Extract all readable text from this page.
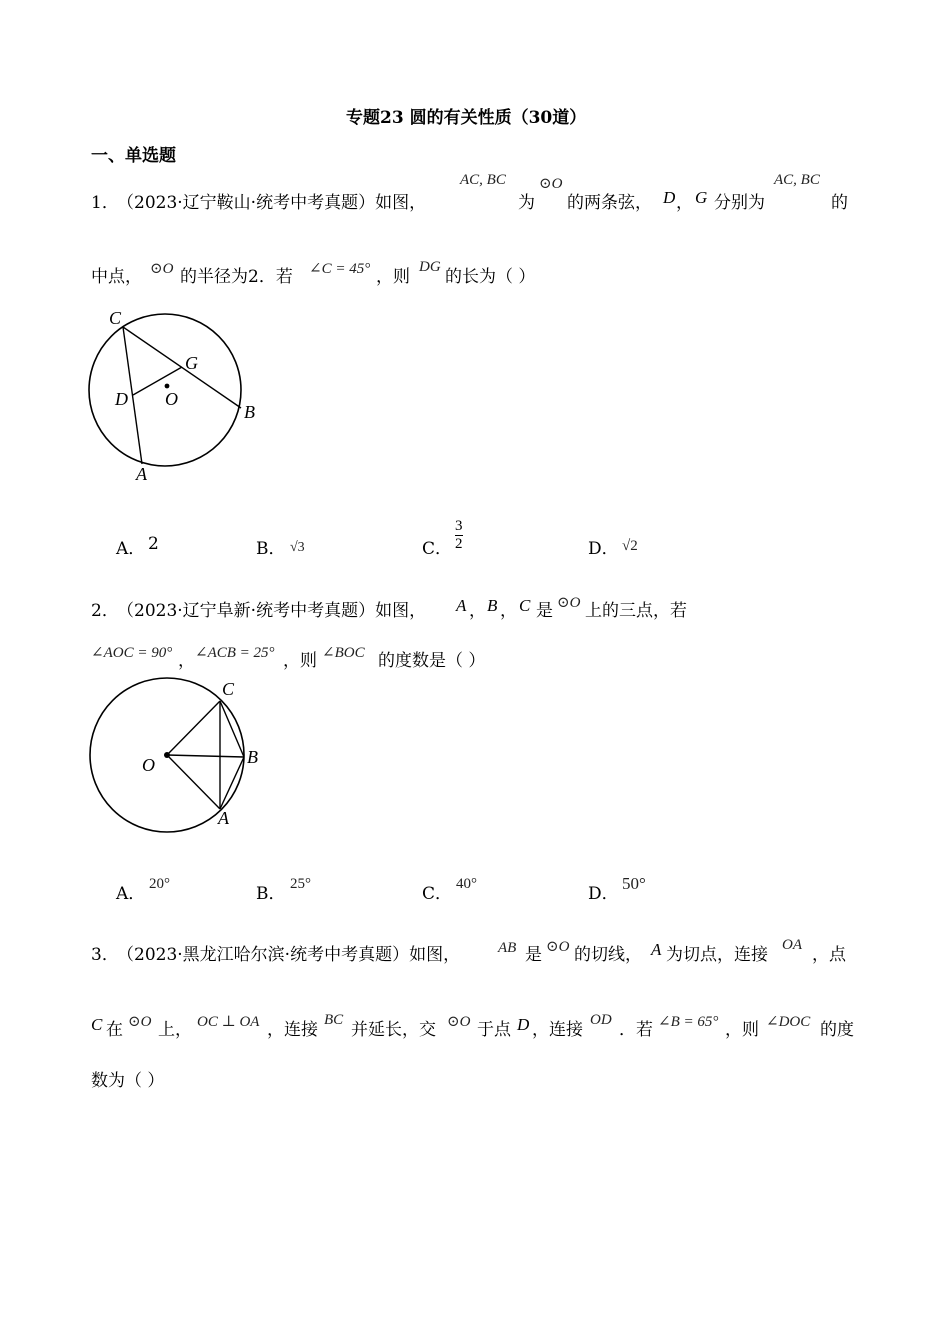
专题23 圆的有关性质（30道）
一、单选题
1．
（2023·辽宁鞍山·统考中考真题）如图，
AC, BC
为
⊙O
的两条弦， D ， G 分别为
AC, BC
的
中点， ⊙O 的半径为2．若 ∠C = 45° ，则 DG 的长为（ ）
C
G
D O
B
A
A． 2	B． √3	C．
3
2	D． √2
2．
（2023·辽宁阜新·统考中考真题）如图， A ， B ， C 是 ⊙O 上的三点，若
∠AOC = 90° ， ∠ACB = 25° ，则 ∠BOC 的度数是（ ）
C
O	B
A
A． 20°	B． 25°	C． 40°	D．
50°
3．
（2023·黑龙江哈尔滨·统考中考真题）如图，	AB 是 ⊙O 的切线， A 为切点，连接 OA ，点
C 在 ⊙O 上， OC ⊥ OA ，连接 BC 并延长，交 ⊙O 于点 D ，连接 OD ．若 ∠B = 65° ，则 ∠DOC 的度
数为（ ）
